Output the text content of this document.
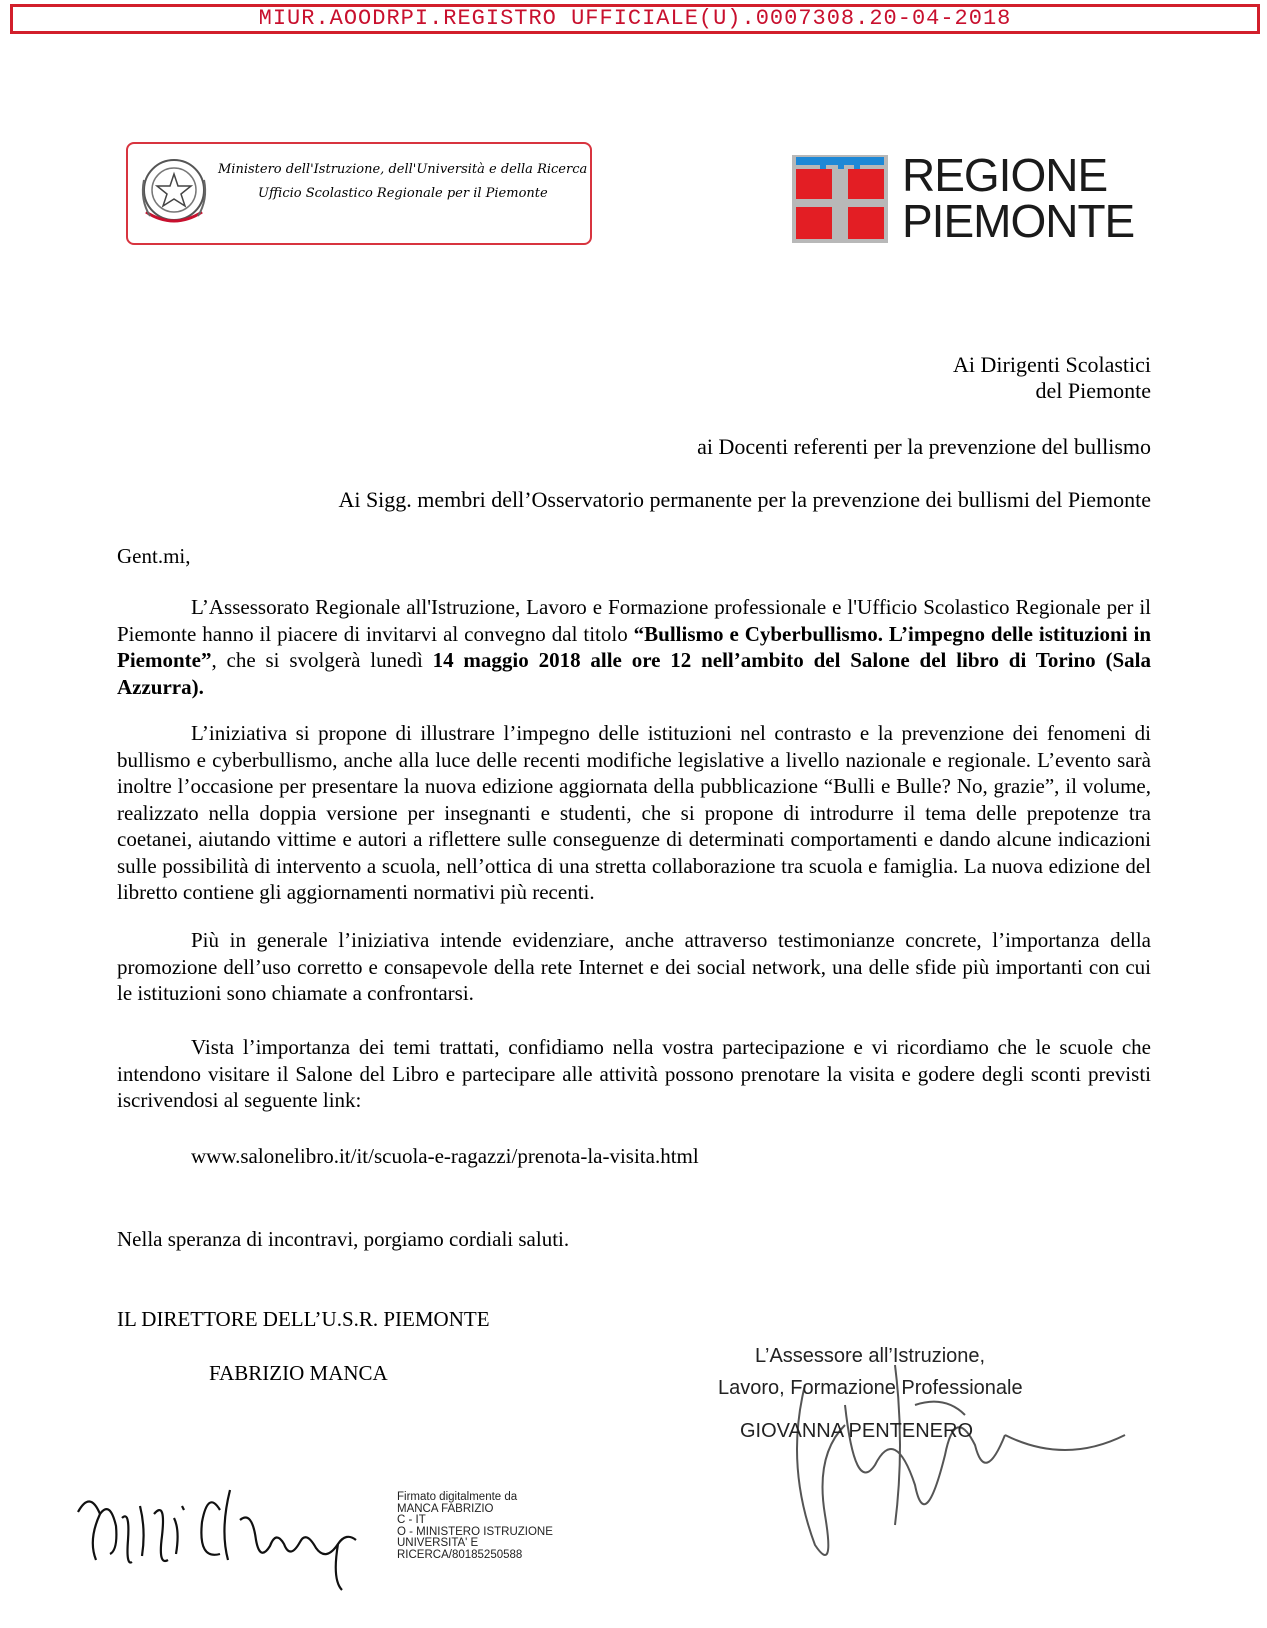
MIUR.AOODRPI.REGISTRO UFFICIALE(U).0007308.20-04-2018
Ministero dell'Istruzione, dell'Università e della Ricerca
Ufficio Scolastico Regionale per il Piemonte	REGIONE
PIEMONTE
Ai Dirigenti Scolastici
del Piemonte
ai Docenti referenti per la prevenzione del bullismo
Ai Sigg. membri dell’Osservatorio permanente per la prevenzione dei bullismi del Piemonte
Gent.mi,
L’Assessorato Regionale all'Istruzione, Lavoro e Formazione professionale e l'Ufficio Scolastico Regionale per il Piemonte hanno il piacere di invitarvi al convegno dal titolo “Bullismo e Cyberbullismo. L’impegno delle istituzioni in Piemonte”, che si svolgerà lunedì 14 maggio 2018 alle ore 12 nell’ambito del Salone del libro di Torino (Sala Azzurra).
L’iniziativa si propone di illustrare l’impegno delle istituzioni nel contrasto e la prevenzione dei fenomeni di bullismo e cyberbullismo, anche alla luce delle recenti modifiche legislative a livello nazionale e regionale. L’evento sarà inoltre l’occasione per presentare la nuova edizione aggiornata della pubblicazione “Bulli e Bulle? No, grazie”, il volume, realizzato nella doppia versione per insegnanti e studenti, che si propone di introdurre il tema delle prepotenze tra coetanei, aiutando vittime e autori a riflettere sulle conseguenze di determinati comportamenti e dando alcune indicazioni sulle possibilità di intervento a scuola, nell’ottica di una stretta collaborazione tra scuola e famiglia. La nuova edizione del libretto contiene gli aggiornamenti normativi più recenti.
Più in generale l’iniziativa intende evidenziare, anche attraverso testimonianze concrete, l’importanza della promozione dell’uso corretto e consapevole della rete Internet e dei social network, una delle sfide più importanti con cui le istituzioni sono chiamate a confrontarsi.
Vista l’importanza dei temi trattati, confidiamo nella vostra partecipazione e vi ricordiamo che le scuole che intendono visitare il Salone del Libro e partecipare alle attività possono prenotare la visita e godere degli sconti previsti iscrivendosi al seguente link:
www.salonelibro.it/it/scuola-e-ragazzi/prenota-la-visita.html
Nella speranza di incontravi, porgiamo cordiali saluti.
IL DIRETTORE DELL’U.S.R. PIEMONTE
FABRIZIO MANCA
Firmato digitalmente da
MANCA FABRIZIO
C - IT
O - MINISTERO ISTRUZIONE
UNIVERSITA' E
RICERCA/80185250588
L’Assessore all’Istruzione,
Lavoro, Formazione Professionale
GIOVANNA PENTENERO
